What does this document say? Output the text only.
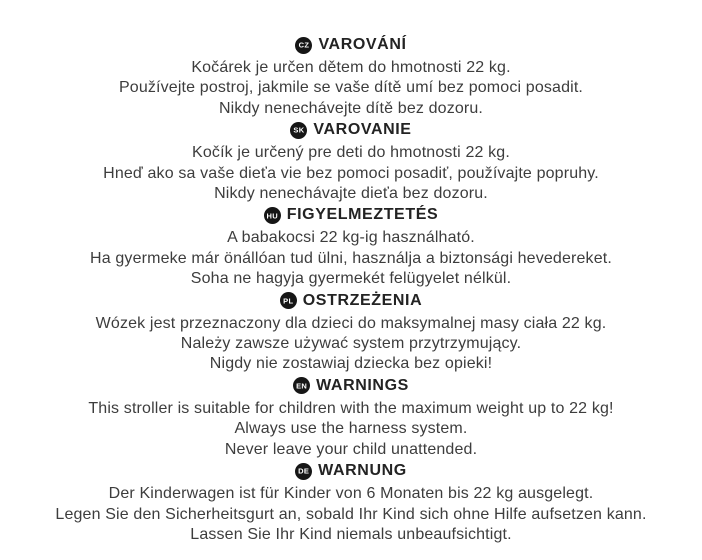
CZ VAROVÁNÍ

Kočárek je určen dětem do hmotnosti 22 kg.

Používejte postroj, jakmile se vaše dítě umí bez pomoci posadit.

Nikdy nenechávejte dítě bez dozoru.

SK VAROVANIE

Kočík je určený pre deti do hmotnosti 22 kg.

Hneď ako sa vaše dieťa vie bez pomoci posadiť, používajte popruhy.

Nikdy nenechávajte dieťa bez dozoru.

HU FIGYELMEZTETÉS

A babakocsi 22 kg-ig használható.

Ha gyermeke már önállóan tud ülni, használja a biztonsági hevedereket.

Soha ne hagyja gyermekét felügyelet nélkül.

PL OSTRZEŻENIA

Wózek jest przeznaczony dla dzieci do maksymalnej masy ciała 22 kg.

Należy zawsze używać system przytrzymujący.

Nigdy nie zostawiaj dziecka bez opieki!

EN WARNINGS

This stroller is suitable for children with the maximum weight up to 22 kg!

Always use the harness system.

Never leave your child unattended.

DE WARNUNG

Der Kinderwagen ist für Kinder von 6 Monaten bis 22 kg ausgelegt.

Legen Sie den Sicherheitsgurt an, sobald Ihr Kind sich ohne Hilfe aufsetzen kann.

Lassen Sie Ihr Kind niemals unbeaufsichtigt.
